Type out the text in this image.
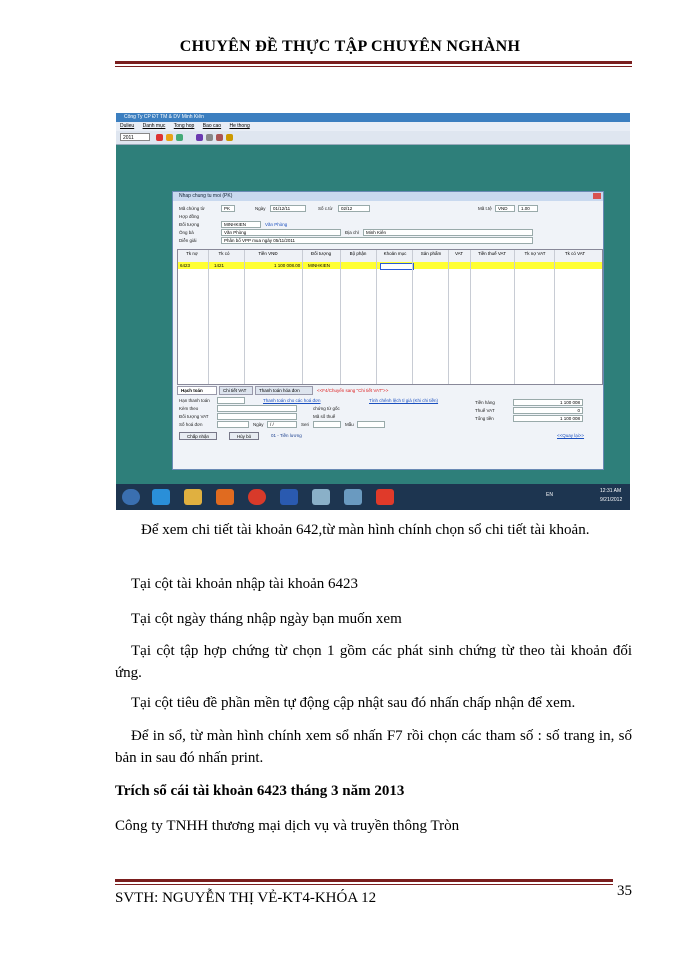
CHUYÊN ĐỀ THỰC TẬP CHUYÊN NGHÀNH
Công Ty CP ĐT TM & DV Minh Kiên
Dulieu Danh mục Tong hop Bao cao He thong
2011
Nhap chung tu moi (PK)
Mã chứng từ	PK	Ngày	01/12/11	Số c.từ	02/12	Mã t.tệ	VND	1.00
Hợp đồng
Đối tượng	MINHKIEN	Văn Phòng
Ông bà	Văn Phòng	Địa chỉ	Minh Kiên
Diễn giải	Phân bổ VPP mua ngày 05/11/2011
Tk nợ	Tk có	Tiền VNĐ	Đối tượng	Bộ phận	Khoản mục	Sản phẩm	VAT	Tiền thuế VAT	Tk nợ VAT	Tk có VAT
6423	1421	1 100 008.00 MINHKIEN
Hạch toán	Chi tiết VAT	Thanh toán hóa đơn	<<F4/Chuyển sang "Chi tiết VAT">>
Hạn thanh toán	Thanh toán cho các hoá đơn	Tính chênh lệch tỉ giá (Khi chi tiền)
Kèm theo	chứng từ gốc
Đối tượng VAT	Mã số thuế
Số hoá đơn	Ngày	/ /	Seri	Mẫu
Tiền hàng	1 100 008
Thuế VAT	0
Tổng tiền	1 100 008
Chấp nhận	Hủy bỏ	01 - Tiền lương	<<Quay lại>>
EN
12:31 AM
9/21/2012
Để xem chi tiết tài khoản 642,từ màn hình chính chọn sổ chi tiết tài khoản.
Tại cột tài khoản nhập tài khoản 6423
Tại cột ngày tháng nhập ngày bạn muốn xem
Tại cột tập hợp chứng từ chọn 1 gồm các phát sinh chứng từ theo tài khoản đối ứng.
Tại cột tiêu đề phần mền tự động cập nhật sau đó nhấn chấp nhận để xem.
Để in sổ, từ màn hình chính xem sổ nhấn F7 rồi chọn các tham số : số trang in, số bản in sau đó nhấn print.
Trích sổ cái tài khoản 6423 tháng 3 năm 2013
Công ty TNHH thương mại dịch vụ và truyền thông Tròn
SVTH: NGUYỄN THỊ VẺ-KT4-KHÓA 12	35
